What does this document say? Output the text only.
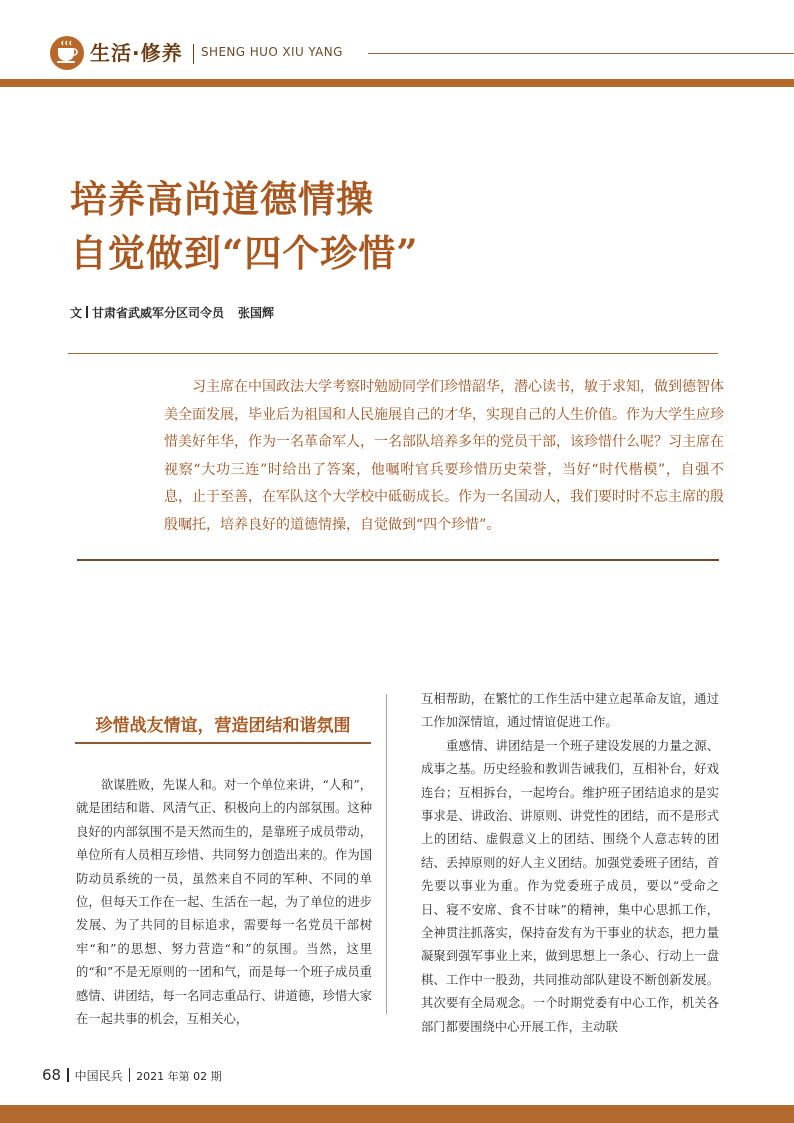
生活·修养 SHENG HUO XIU YANG
培养高尚道德情操
自觉做到“四个珍惜”
文 甘肃省武威军分区司令员 张国辉
习主席在中国政法大学考察时勉励同学们珍惜韶华，潜心读书，敏于求知，做到德智体美全面发展，毕业后为祖国和人民施展自己的才华，实现自己的人生价值。作为大学生应珍惜美好年华，作为一名革命军人，一名部队培养多年的党员干部，该珍惜什么呢？习主席在视察“大功三连”时给出了答案，他嘱咐官兵要珍惜历史荣誉，当好“时代楷模”，自强不息，止于至善，在军队这个大学校中砥砺成长。作为一名国动人，我们要时时不忘主席的殷殷嘱托，培养良好的道德情操，自觉做到“四个珍惜”。
珍惜战友情谊，营造团结和谐氛围

欲谋胜败，先谋人和。对一个单位来讲，“人和”，就是团结和谐、风清气正、积极向上的内部氛围。这种良好的内部氛围不是天然而生的，是靠班子成员带动，单位所有人员相互珍惜、共同努力创造出来的。作为国防动员系统的一员，虽然来自不同的军种、不同的单位，但每天工作在一起、生活在一起，为了单位的进步发展、为了共同的目标追求，需要每一名党员干部树牢“和”的思想、努力营造“和”的氛围。当然，这里的“和”不是无原则的一团和气，而是每一个班子成员重感情、讲团结，每一名同志重品行、讲道德，珍惜大家在一起共事的机会，互相关心，

互相帮助，在繁忙的工作生活中建立起革命友谊，通过工作加深情谊，通过情谊促进工作。

重感情、讲团结是一个班子建设发展的力量之源、成事之基。历史经验和教训告诫我们，互相补台，好戏连台；互相拆台，一起垮台。维护班子团结追求的是实事求是、讲政治、讲原则、讲党性的团结，而不是形式上的团结、虚假意义上的团结、围绕个人意志转的团结、丢掉原则的好人主义团结。加强党委班子团结，首先要以事业为重。作为党委班子成员，要以“受命之日、寝不安席、食不甘味”的精神，集中心思抓工作，全神贯注抓落实，保持奋发有为干事业的状态，把力量凝聚到强军事业上来，做到思想上一条心、行动上一盘棋、工作中一股劲，共同推动部队建设不断创新发展。其次要有全局观念。一个时期党委有中心工作，机关各部门都要围绕中心开展工作，主动联

68 中国民兵 2021 年第 02 期
